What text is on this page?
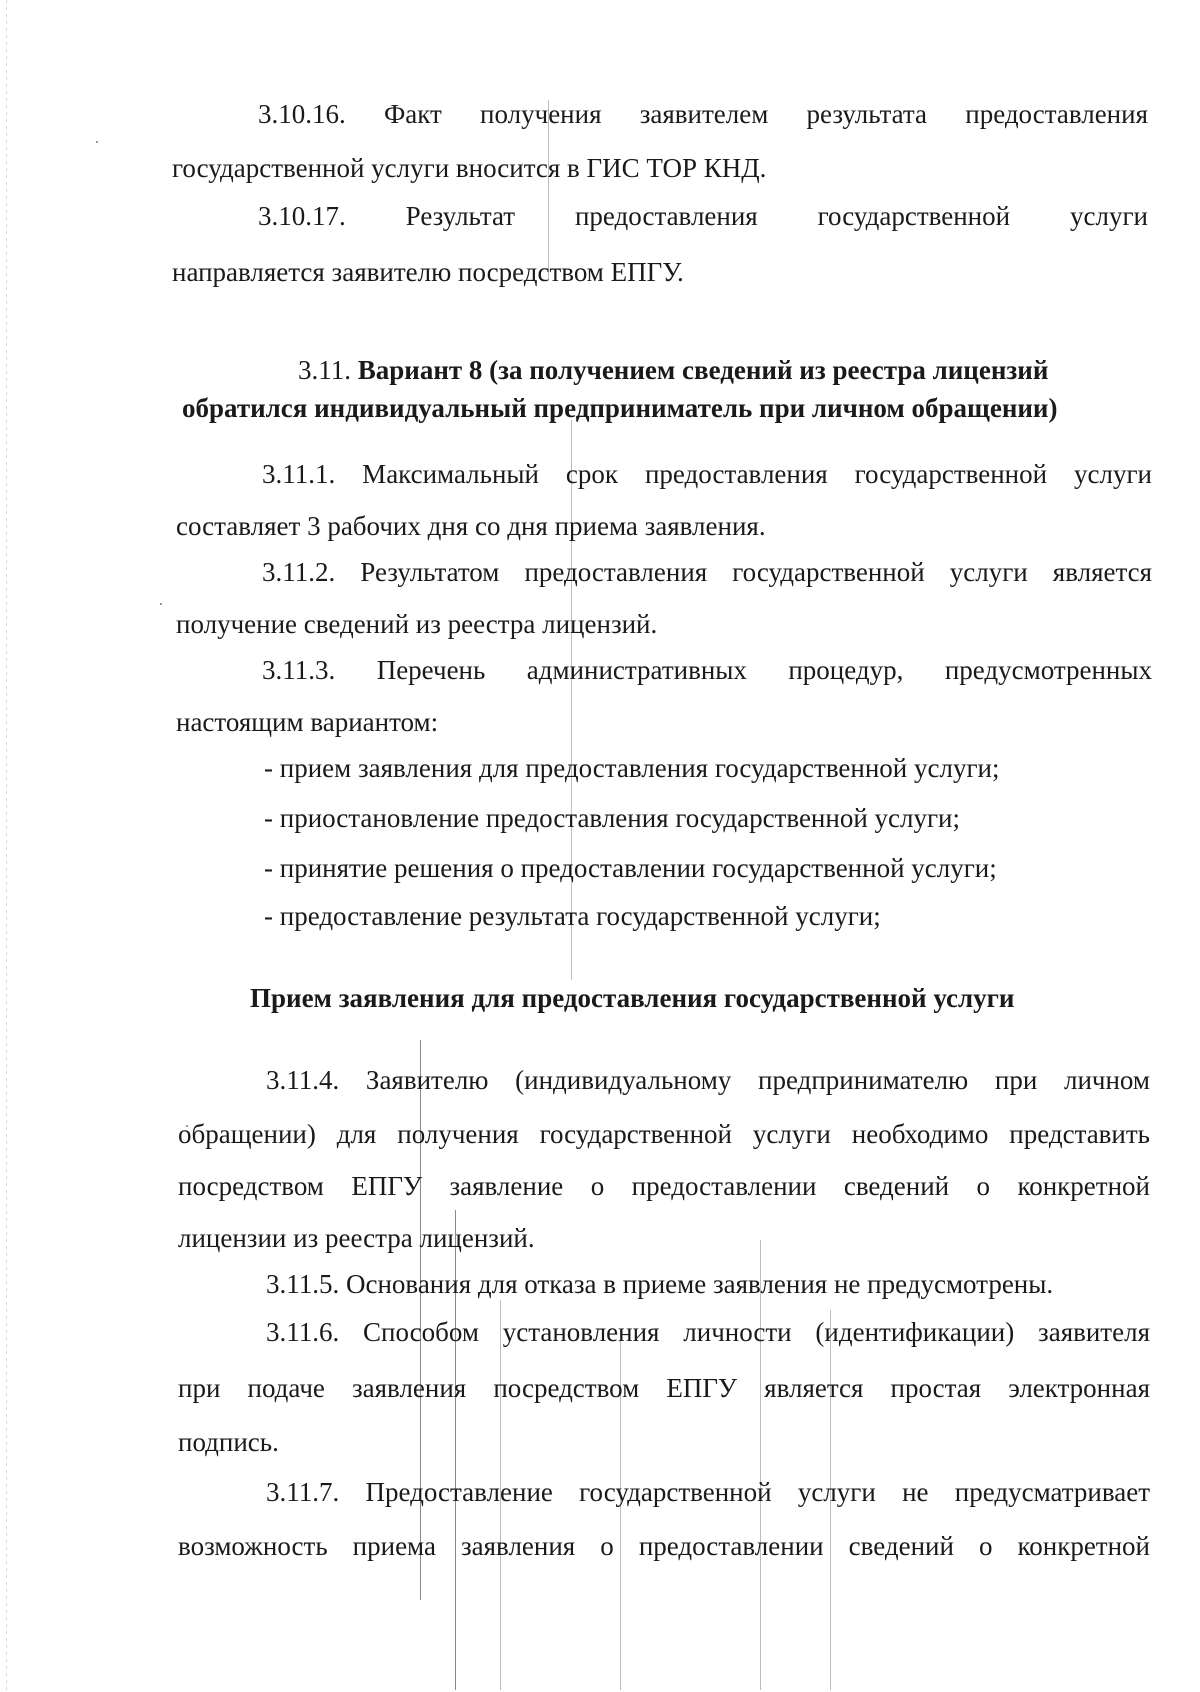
3.10.16. Факт получения заявителем результата предоставления
государственной услуги вносится в ГИС ТОР КНД.
3.10.17. Результат предоставления государственной услуги
направляется заявителю посредством ЕПГУ.
3.11. Вариант 8 (за получением сведений из реестра лицензий
обратился индивидуальный предприниматель при личном обращении)
3.11.1. Максимальный срок предоставления государственной услуги
составляет 3 рабочих дня со дня приема заявления.
3.11.2. Результатом предоставления государственной услуги является
получение сведений из реестра лицензий.
3.11.3. Перечень административных процедур, предусмотренных
настоящим вариантом:
- прием заявления для предоставления государственной услуги;
- приостановление предоставления государственной услуги;
- принятие решения о предоставлении государственной услуги;
- предоставление результата государственной услуги;
Прием заявления для предоставления государственной услуги
3.11.4. Заявителю (индивидуальному предпринимателю при личном
обращении) для получения государственной услуги необходимо представить
посредством ЕПГУ заявление о предоставлении сведений о конкретной
лицензии из реестра лицензий.
3.11.5. Основания для отказа в приеме заявления не предусмотрены.
3.11.6. Способом установления личности (идентификации) заявителя
при подаче заявления посредством ЕПГУ является простая электронная
подпись.
3.11.7. Предоставление государственной услуги не предусматривает
возможность приема заявления о предоставлении сведений о конкретной
